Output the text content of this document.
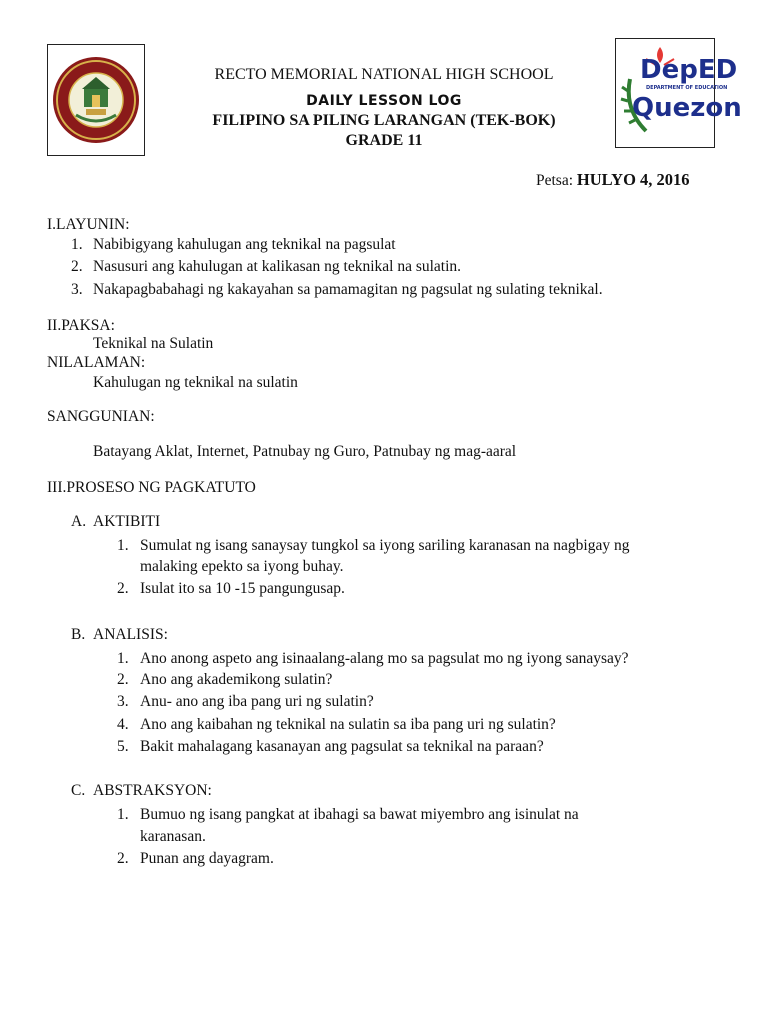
DepED
DEPARTMENT OF EDUCATION
Quezon
RECTO MEMORIAL NATIONAL HIGH SCHOOL
DAILY LESSON LOG
FILIPINO SA PILING LARANGAN (TEK-BOK)
GRADE 11
Petsa: HULYO 4, 2016
I.LAYUNIN:
1. Nabibigyang kahulugan ang teknikal na pagsulat
2. Nasusuri ang kahulugan at kalikasan ng teknikal na sulatin.
3. Nakapagbabahagi ng kakayahan sa pamamagitan ng pagsulat ng sulating teknikal.
II.PAKSA:
Teknikal na Sulatin
NILALAMAN:
Kahulugan ng teknikal na sulatin
SANGGUNIAN:
Batayang Aklat, Internet, Patnubay ng Guro, Patnubay ng mag-aaral
III.PROSESO NG PAGKATUTO
A. AKTIBITI
1. Sumulat ng isang sanaysay tungkol sa iyong sariling karanasan na nagbigay ng
malaking epekto sa iyong buhay.
2. Isulat ito sa 10 -15 pangungusap.
B. ANALISIS:
1. Ano anong aspeto ang isinaalang-alang mo sa pagsulat mo ng iyong sanaysay?
2. Ano ang akademikong sulatin?
3. Anu- ano ang iba pang uri ng sulatin?
4. Ano ang kaibahan ng teknikal na sulatin sa iba pang uri ng sulatin?
5. Bakit mahalagang kasanayan ang pagsulat sa teknikal na paraan?
C. ABSTRAKSYON:
1. Bumuo ng isang pangkat at ibahagi sa bawat miyembro ang isinulat na
karanasan.
2. Punan ang dayagram.
